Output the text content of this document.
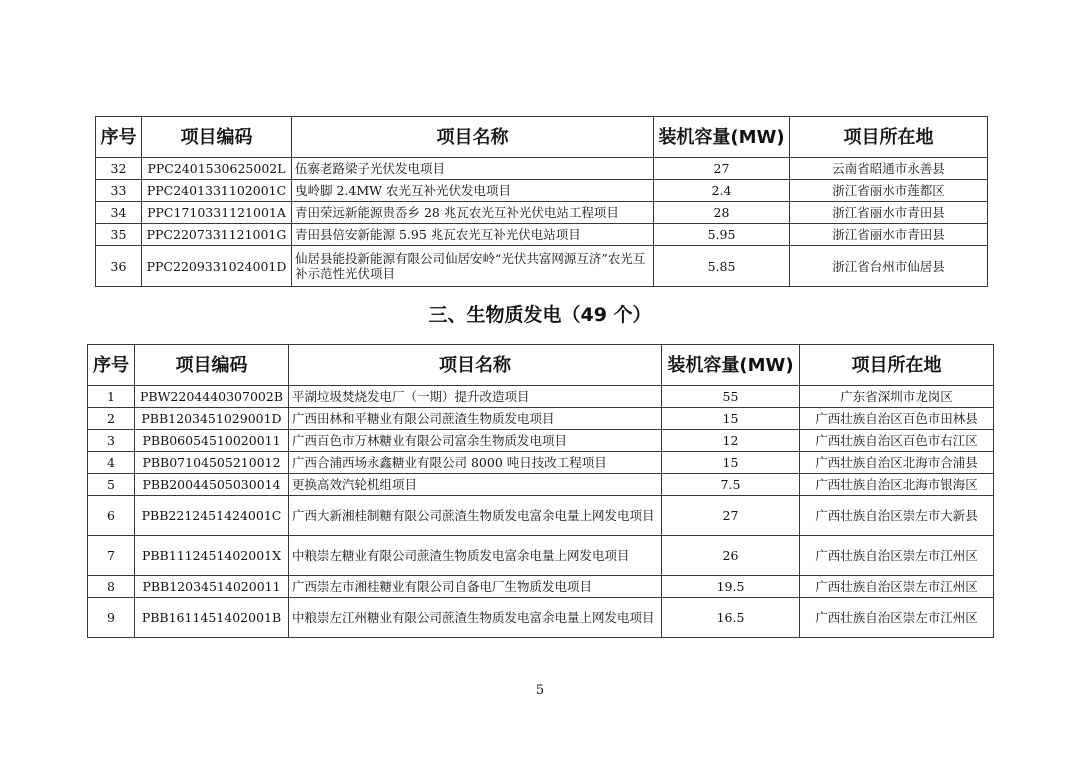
序号	项目编码	项目名称	装机容量(MW)	项目所在地
32	PPC2401530625002L	伍寨老路梁子光伏发电项目	27	云南省昭通市永善县
33	PPC2401331102001C	曳岭脚 2.4MW 农光互补光伏发电项目	2.4	浙江省丽水市莲都区
34	PPC1710331121001A	青田荣远新能源贵岙乡 28 兆瓦农光互补光伏电站工程项目	28	浙江省丽水市青田县
35	PPC2207331121001G	青田县倍安新能源 5.95 兆瓦农光互补光伏电站项目	5.95	浙江省丽水市青田县
36	PPC2209331024001D	仙居县能投新能源有限公司仙居安岭“光伏共富网源互济”农光互补示范性光伏项目	5.85	浙江省台州市仙居县
三、生物质发电（49 个）
序号	项目编码	项目名称	装机容量(MW)	项目所在地
1	PBW2204440307002B	平湖垃圾焚烧发电厂（一期）提升改造项目	55	广东省深圳市龙岗区
2	PBB1203451029001D	广西田林和平糖业有限公司蔗渣生物质发电项目	15	广西壮族自治区百色市田林县
3	PBB06054510020011	广西百色市万林糖业有限公司富余生物质发电项目	12	广西壮族自治区百色市右江区
4	PBB07104505210012	广西合浦西场永鑫糖业有限公司 8000 吨日技改工程项目	15	广西壮族自治区北海市合浦县
5	PBB20044505030014	更换高效汽轮机组项目	7.5	广西壮族自治区北海市银海区
6	PBB2212451424001C	广西大新湘桂制糖有限公司蔗渣生物质发电富余电量上网发电项目	27	广西壮族自治区崇左市大新县
7	PBB1112451402001X	中粮崇左糖业有限公司蔗渣生物质发电富余电量上网发电项目	26	广西壮族自治区崇左市江州区
8	PBB12034514020011	广西崇左市湘桂糖业有限公司自备电厂生物质发电项目	19.5	广西壮族自治区崇左市江州区
9	PBB1611451402001B	中粮崇左江州糖业有限公司蔗渣生物质发电富余电量上网发电项目	16.5	广西壮族自治区崇左市江州区
5
